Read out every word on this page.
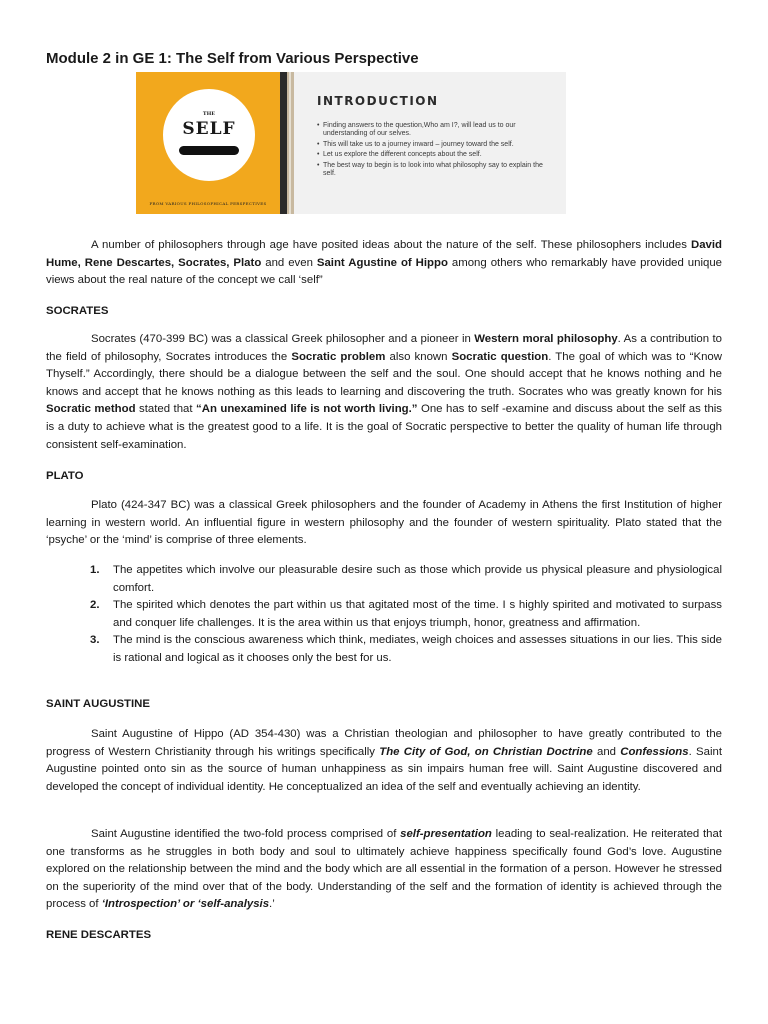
Module 2 in GE 1: The Self from Various Perspective
THE
SELF
FROM VARIOUS PHILOSOPHICAL PERSPECTIVES
INTRODUCTION
• Finding answers to the question,Who am I?, will lead us to our understanding of our selves.
• This will take us to a journey inward – journey toward the self.
• Let us explore the different concepts about the self.
• The best way to begin is to look into what philosophy say to explain the self.

A number of philosophers through age have posited ideas about the nature of the self. These philosophers includes David Hume, Rene Descartes, Socrates, Plato and even Saint Agustine of Hippo among others who remarkably have provided unique views about the real nature of the concept we call ‘self”

SOCRATES

Socrates (470-399 BC) was a classical Greek philosopher and a pioneer in Western moral philosophy. As a contribution to the field of philosophy, Socrates introduces the Socratic problem also known Socratic question. The goal of which was to “Know Thyself.” Accordingly, there should be a dialogue between the self and the soul. One should accept that he knows nothing and he knows and accept that he knows nothing as this leads to learning and discovering the truth. Socrates who was greatly known for his Socratic method stated that “An unexamined life is not worth living.” One has to self -examine and discuss about the self as this is a duty to achieve what is the greatest good to a life. It is the goal of Socratic perspective to better the quality of human life through consistent self-examination.

PLATO

Plato (424-347 BC) was a classical Greek philosophers and the founder of Academy in Athens the first Institution of higher learning in western world. An influential figure in western philosophy and the founder of western spirituality. Plato stated that the ‘psyche’ or the ‘mind’ is comprise of three elements.

1. The appetites which involve our pleasurable desire such as those which provide us physical pleasure and physiological comfort.
2. The spirited which denotes the part within us that agitated most of the time. I s highly spirited and motivated to surpass and conquer life challenges. It is the area within us that enjoys triumph, honor, greatness and affirmation.
3. The mind is the conscious awareness which think, mediates, weigh choices and assesses situations in our lies. This side is rational and logical as it chooses only the best for us.

SAINT AUGUSTINE

Saint Augustine of Hippo (AD 354-430) was a Christian theologian and philosopher to have greatly contributed to the progress of Western Christianity through his writings specifically The City of God, on Christian Doctrine and Confessions. Saint Augustine pointed onto sin as the source of human unhappiness as sin impairs human free will. Saint Augustine discovered and developed the concept of individual identity. He conceptualized an idea of the self and eventually achieving an identity.

Saint Augustine identified the two-fold process comprised of self-presentation leading to seal-realization. He reiterated that one transforms as he struggles in both body and soul to ultimately achieve happiness specifically found God’s love. Augustine explored on the relationship between the mind and the body which are all essential in the formation of a person. However he stressed on the superiority of the mind over that of the body. Understanding of the self and the formation of identity is achieved through the process of ‘Introspection’ or ‘self-analysis.’

RENE DESCARTES
